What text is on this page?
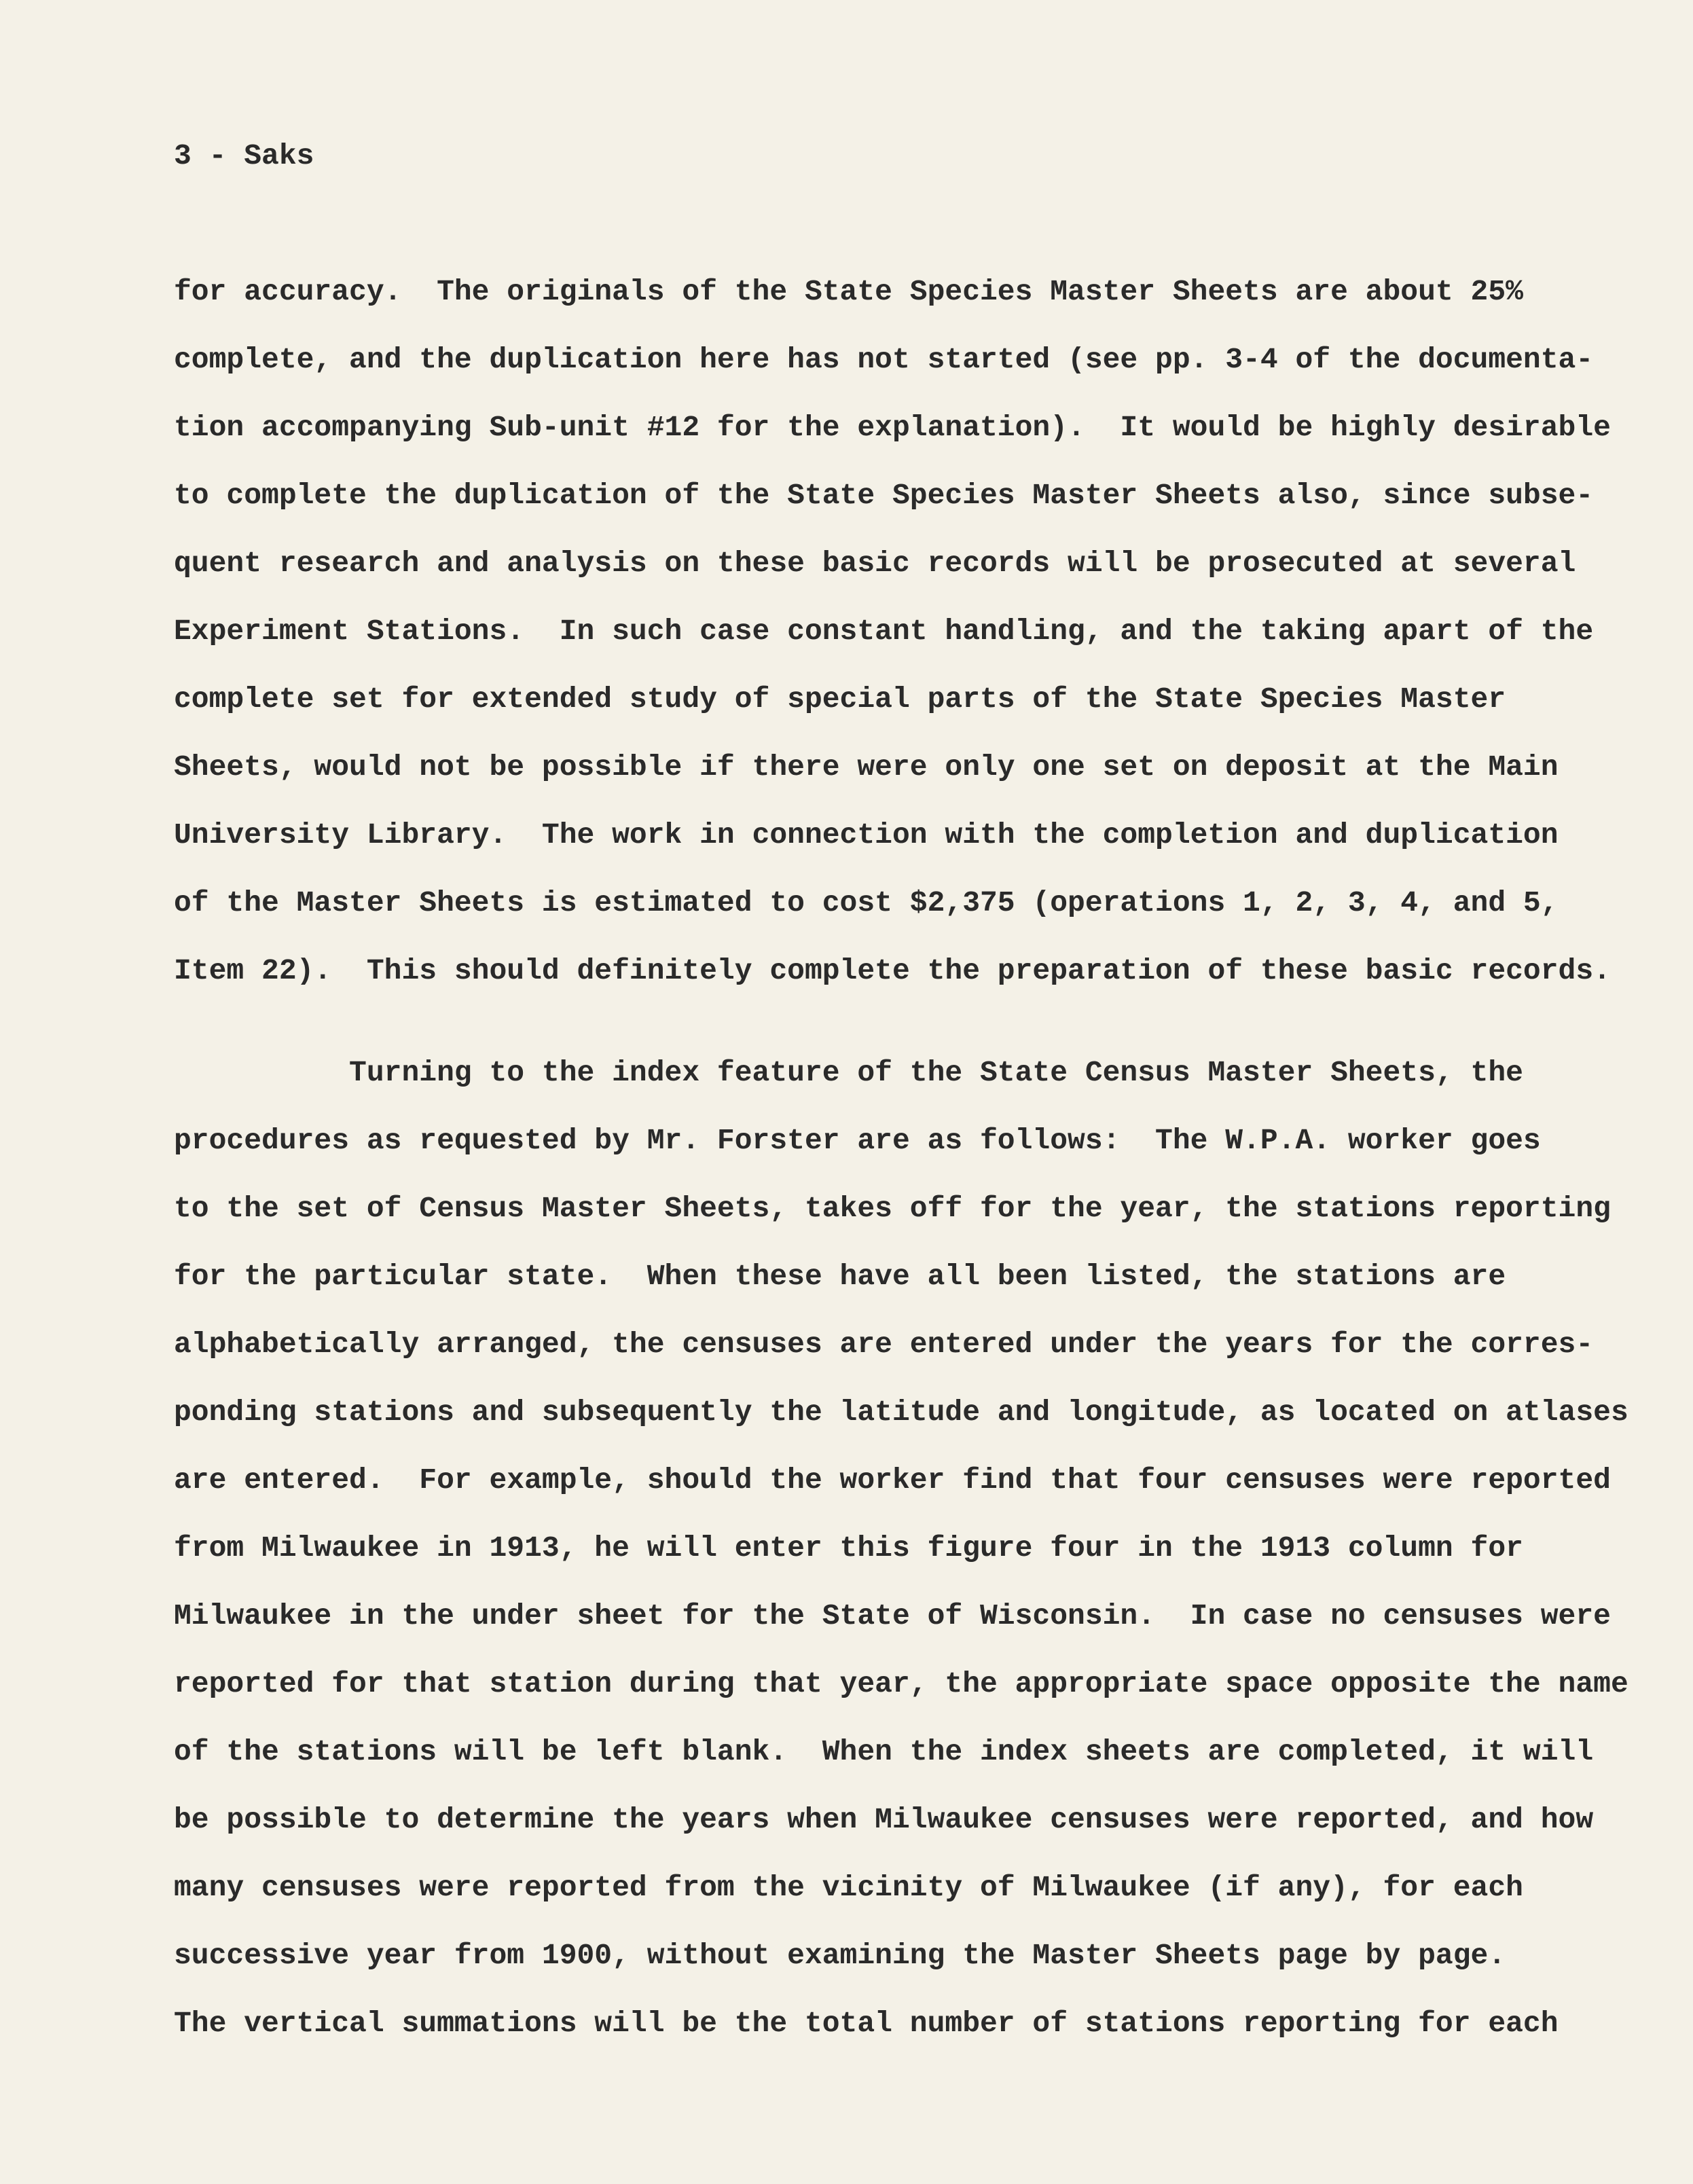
3 - Saks
for accuracy.  The originals of the State Species Master Sheets are about 25%
complete, and the duplication here has not started (see pp. 3-4 of the documenta-
tion accompanying Sub-unit #12 for the explanation).  It would be highly desirable
to complete the duplication of the State Species Master Sheets also, since subse-
quent research and analysis on these basic records will be prosecuted at several
Experiment Stations.  In such case constant handling, and the taking apart of the
complete set for extended study of special parts of the State Species Master
Sheets, would not be possible if there were only one set on deposit at the Main
University Library.  The work in connection with the completion and duplication
of the Master Sheets is estimated to cost $2,375 (operations 1, 2, 3, 4, and 5,
Item 22).  This should definitely complete the preparation of these basic records.
Turning to the index feature of the State Census Master Sheets, the
procedures as requested by Mr. Forster are as follows:  The W.P.A. worker goes
to the set of Census Master Sheets, takes off for the year, the stations reporting
for the particular state.  When these have all been listed, the stations are
alphabetically arranged, the censuses are entered under the years for the corres-
ponding stations and subsequently the latitude and longitude, as located on atlases
are entered.  For example, should the worker find that four censuses were reported
from Milwaukee in 1913, he will enter this figure four in the 1913 column for
Milwaukee in the under sheet for the State of Wisconsin.  In case no censuses were
reported for that station during that year, the appropriate space opposite the name
of the stations will be left blank.  When the index sheets are completed, it will
be possible to determine the years when Milwaukee censuses were reported, and how
many censuses were reported from the vicinity of Milwaukee (if any), for each
successive year from 1900, without examining the Master Sheets page by page.
The vertical summations will be the total number of stations reporting for each
